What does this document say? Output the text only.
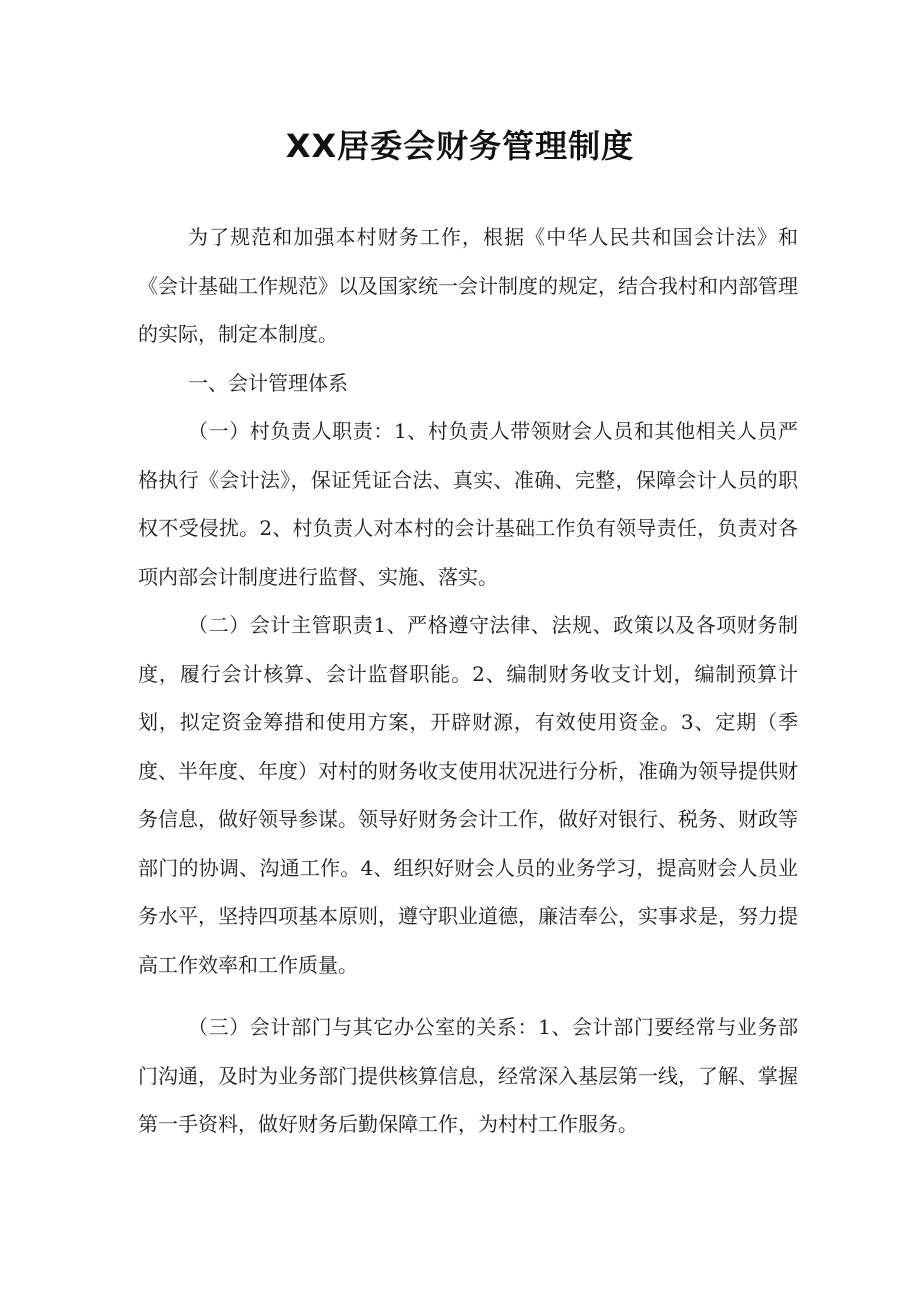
XX居委会财务管理制度

为了规范和加强本村财务工作，根据《中华人民共和国会计法》和《会计基础工作规范》以及国家统一会计制度的规定，结合我村和内部管理的实际，制定本制度。

一、会计管理体系

（一）村负责人职责：1、村负责人带领财会人员和其他相关人员严格执行《会计法》，保证凭证合法、真实、准确、完整，保障会计人员的职权不受侵扰。2、村负责人对本村的会计基础工作负有领导责任，负责对各项内部会计制度进行监督、实施、落实。

（二）会计主管职责1、严格遵守法律、法规、政策以及各项财务制度，履行会计核算、会计监督职能。2、编制财务收支计划，编制预算计划，拟定资金筹措和使用方案，开辟财源，有效使用资金。3、定期（季度、半年度、年度）对村的财务收支使用状况进行分析，准确为领导提供财务信息，做好领导参谋。领导好财务会计工作，做好对银行、税务、财政等部门的协调、沟通工作。4、组织好财会人员的业务学习，提高财会人员业务水平，坚持四项基本原则，遵守职业道德，廉洁奉公，实事求是，努力提高工作效率和工作质量。

（三）会计部门与其它办公室的关系：1、会计部门要经常与业务部门沟通，及时为业务部门提供核算信息，经常深入基层第一线，了解、掌握第一手资料，做好财务后勤保障工作，为村村工作服务。
